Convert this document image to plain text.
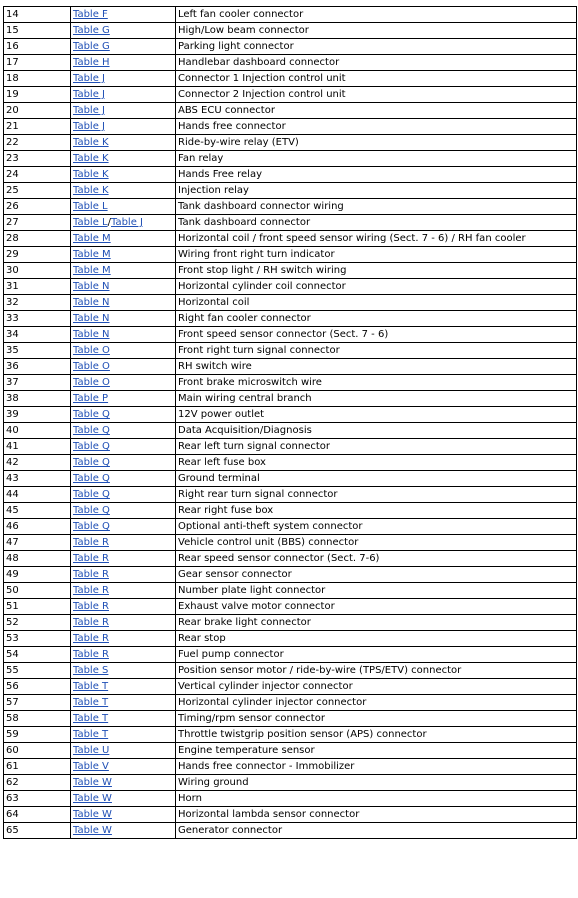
14	Table F	Left fan cooler connector
15	Table G	High/Low beam connector
16	Table G	Parking light connector
17	Table H	Handlebar dashboard connector
18	Table J	Connector 1 Injection control unit
19	Table J	Connector 2 Injection control unit
20	Table J	ABS ECU connector
21	Table J	Hands free connector
22	Table K	Ride-by-wire relay (ETV)
23	Table K	Fan relay
24	Table K	Hands Free relay
25	Table K	Injection relay
26	Table L	Tank dashboard connector wiring
27	Table L/Table J	Tank dashboard connector
28	Table M	Horizontal coil / front speed sensor wiring (Sect. 7 - 6) / RH fan cooler
29	Table M	Wiring front right turn indicator
30	Table M	Front stop light / RH switch wiring
31	Table N	Horizontal cylinder coil connector
32	Table N	Horizontal coil
33	Table N	Right fan cooler connector
34	Table N	Front speed sensor connector (Sect. 7 - 6)
35	Table O	Front right turn signal connector
36	Table O	RH switch wire
37	Table O	Front brake microswitch wire
38	Table P	Main wiring central branch
39	Table Q	12V power outlet
40	Table Q	Data Acquisition/Diagnosis
41	Table Q	Rear left turn signal connector
42	Table Q	Rear left fuse box
43	Table Q	Ground terminal
44	Table Q	Right rear turn signal connector
45	Table Q	Rear right fuse box
46	Table Q	Optional anti-theft system connector
47	Table R	Vehicle control unit (BBS) connector
48	Table R	Rear speed sensor connector (Sect. 7-6)
49	Table R	Gear sensor connector
50	Table R	Number plate light connector
51	Table R	Exhaust valve motor connector
52	Table R	Rear brake light connector
53	Table R	Rear stop
54	Table R	Fuel pump connector
55	Table S	Position sensor motor / ride-by-wire (TPS/ETV) connector
56	Table T	Vertical cylinder injector connector
57	Table T	Horizontal cylinder injector connector
58	Table T	Timing/rpm sensor connector
59	Table T	Throttle twistgrip position sensor (APS) connector
60	Table U	Engine temperature sensor
61	Table V	Hands free connector - Immobilizer
62	Table W	Wiring ground
63	Table W	Horn
64	Table W	Horizontal lambda sensor connector
65	Table W	Generator connector
